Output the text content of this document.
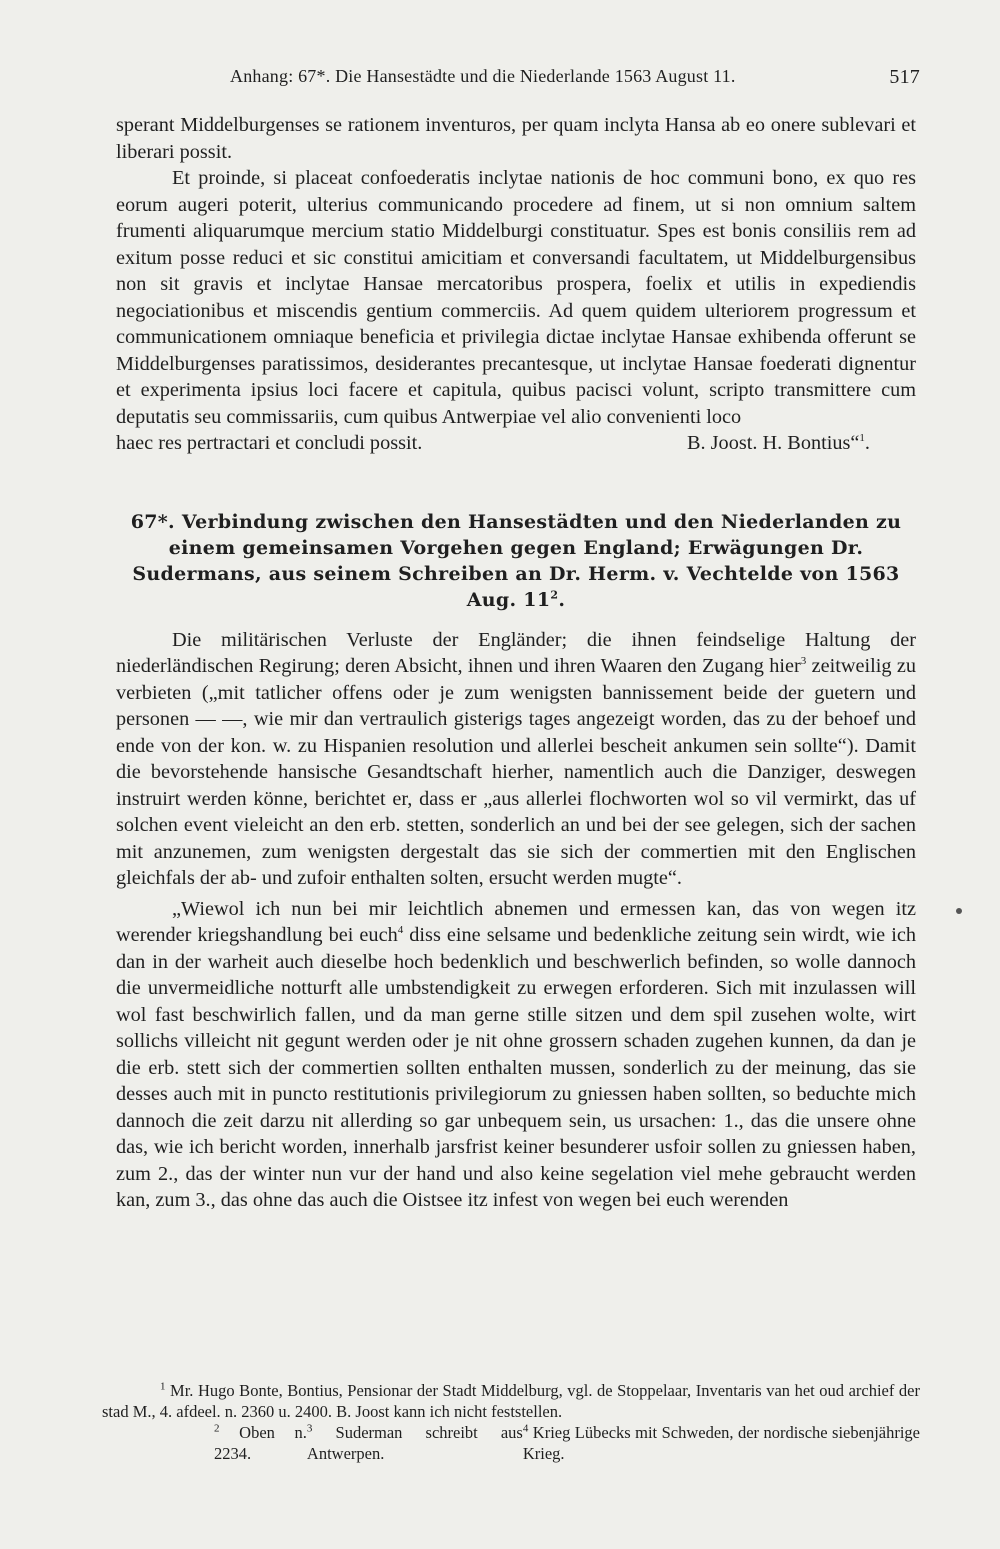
Anhang: 67*. Die Hansestädte und die Niederlande 1563 August 11.	517

sperant Middelburgenses se rationem inventuros, per quam inclyta Hansa ab eo onere sublevari et liberari possit.

Et proinde, si placeat confoederatis inclytae nationis de hoc communi bono, ex quo res eorum augeri poterit, ulterius communicando procedere ad finem, ut si non omnium saltem frumenti aliquarumque mercium statio Middelburgi constituatur. Spes est bonis consiliis rem ad exitum posse reduci et sic constitui amicitiam et conversandi facultatem, ut Middelburgensibus non sit gravis et inclytae Hansae mercatoribus prospera, foelix et utilis in expediendis negociationibus et miscendis gentium commerciis. Ad quem quidem ulteriorem progressum et communicationem omniaque beneficia et privilegia dictae inclytae Hansae exhibenda offerunt se Middelburgenses paratissimos, desiderantes precantesque, ut inclytae Hansae foederati dignentur et experimenta ipsius loci facere et capitula, quibus pacisci volunt, scripto transmittere cum deputatis seu commissariis, cum quibus Antwerpiae vel alio convenienti loco

haec res pertractari et concludi possit.	B. Joost. H. Bontius“$^1$.

67*. Verbindung zwischen den Hansestädten und den Niederlanden zu einem gemeinsamen Vorgehen gegen England; Erwägungen Dr. Sudermans, aus seinem Schreiben an Dr. Herm. v. Vechtelde von 1563 Aug. $11^2$.

Die militärischen Verluste der Engländer; die ihnen feindselige Haltung der niederländischen Regirung; deren Absicht, ihnen und ihren Waaren den Zugang hier$^3$ zeitweilig zu verbieten („mit tatlicher offens oder je zum wenigsten bannissement beide der guetern und personen — —, wie mir dan vertraulich gisterigs tages angezeigt worden, das zu der behoef und ende von der kon. w. zu Hispanien resolution und allerlei bescheit ankumen sein sollte“). Damit die bevorstehende hansische Gesandtschaft hierher, namentlich auch die Danziger, deswegen instruirt werden könne, berichtet er, dass er „aus allerlei flochworten wol so vil vermirkt, das uf solchen event vieleicht an den erb. stetten, sonderlich an und bei der see gelegen, sich der sachen mit anzunemen, zum wenigsten dergestalt das sie sich der commertien mit den Englischen gleichfals der ab- und zufoir enthalten solten, ersucht werden mugte“.

„Wiewol ich nun bei mir leichtlich abnemen und ermessen kan, das von wegen itz werender kriegshandlung bei euch$^4$ diss eine selsame und bedenkliche zeitung sein wirdt, wie ich dan in der warheit auch dieselbe hoch bedenklich und beschwerlich befinden, so wolle dannoch die unvermeidliche notturft alle umbstendigkeit zu erwegen erforderen. Sich mit inzulassen will wol fast beschwirlich fallen, und da man gerne stille sitzen und dem spil zusehen wolte, wirt sollichs villeicht nit gegunt werden oder je nit ohne grossern schaden zugehen kunnen, da dan je die erb. stett sich der commertien sollten enthalten mussen, sonderlich zu der meinung, das sie desses auch mit in puncto restitutionis privilegiorum zu gniessen haben sollten, so beduchte mich dannoch die zeit darzu nit allerding so gar unbequem sein, us ursachen: 1., das die unsere ohne das, wie ich bericht worden, innerhalb jarsfrist keiner besunderer usfoir sollen zu gniessen haben, zum 2., das der winter nun vur der hand und also keine segelation viel mehe gebraucht werden kan, zum 3., das ohne das auch die Oistsee itz infest von wegen bei euch werenden

$^1$ Mr. Hugo Bonte, Bontius, Pensionar der Stadt Middelburg, vgl. de Stoppelaar, Inventaris van het oud archief der stad M., 4. afdeel. n. 2360 u. 2400. B. Joost kann ich nicht feststellen.

$^2$ Oben n. 2234.
$^3$ Suderman schreibt aus Antwerpen.
$^4$ Krieg Lübecks mit Schweden, der nordische siebenjährige Krieg.
